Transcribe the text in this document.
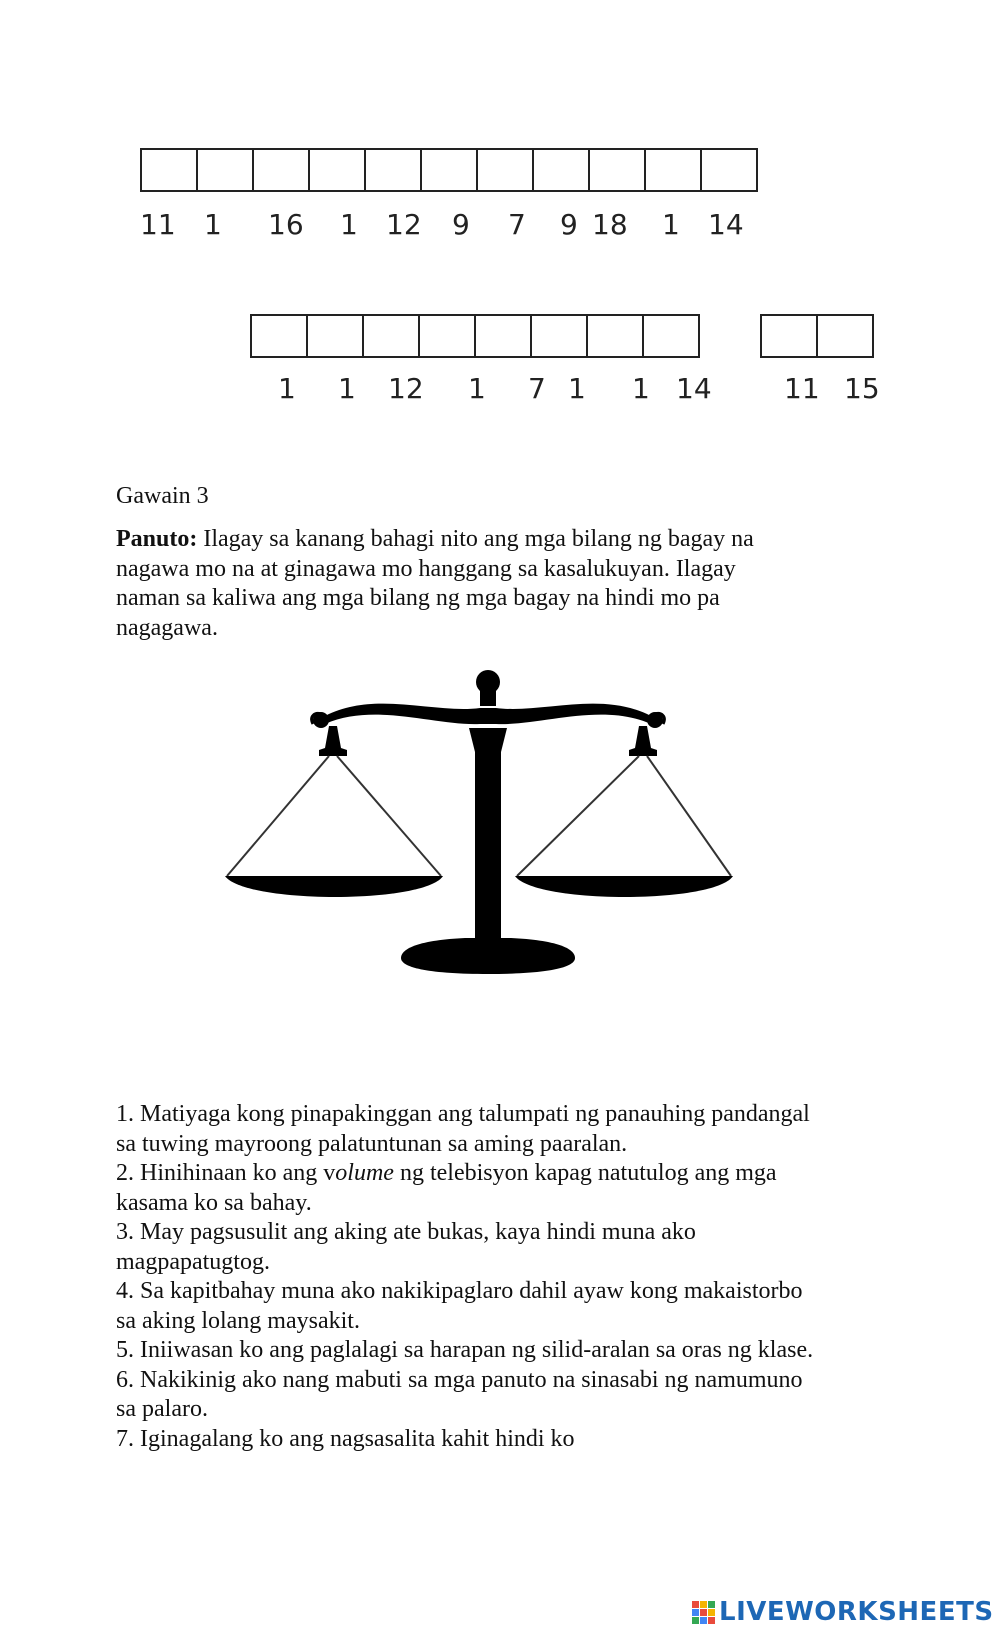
11 1 16 1 12 9 7 9 18 1 14
1 1 12 1 7 1 1 14	11 15
Gawain 3
Panuto: Ilagay sa kanang bahagi nito ang mga bilang ng bagay na nagawa mo na at ginagawa mo hanggang sa kasalukuyan. Ilagay naman sa kaliwa ang mga bilang ng mga bagay na hindi mo pa nagagawa.

1. Matiyaga kong pinapakinggan ang talumpati ng panauhing pandangal sa tuwing mayroong palatuntunan sa aming paaralan.

2. Hinihinaan ko ang volume ng telebisyon kapag natutulog ang mga kasama ko sa bahay.

3. May pagsusulit ang aking ate bukas, kaya hindi muna ako magpapatugtog.

4. Sa kapitbahay muna ako nakikipaglaro dahil ayaw kong makaistorbo sa aking lolang maysakit.

5. Iniiwasan ko ang paglalagi sa harapan ng silid-aralan sa oras ng klase.

6. Nakikinig ako nang mabuti sa mga panuto na sinasabi ng namumuno sa palaro.

7. Iginagalang ko ang nagsasalita kahit hindi ko

LIVEWORKSHEETS
